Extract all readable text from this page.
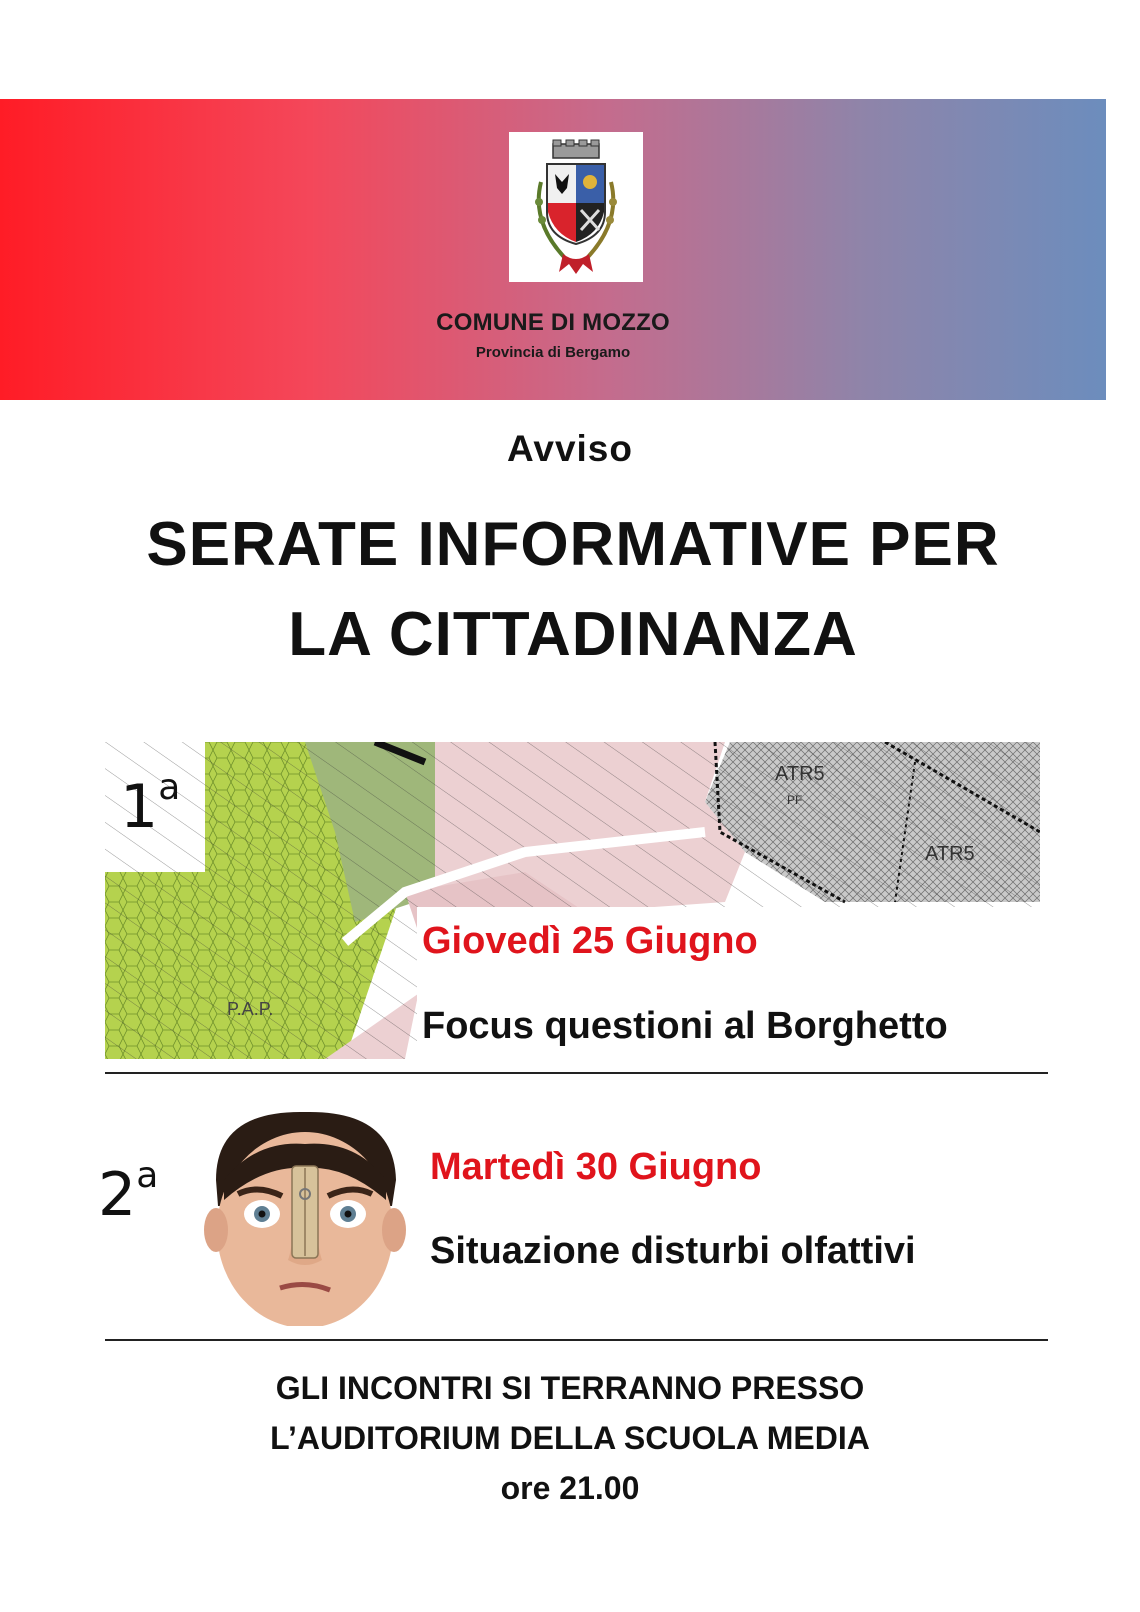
COMUNE DI MOZZO
Provincia di Bergamo
Avviso
SERATE INFORMATIVE PER
LA CITTADINANZA
ATR5
PF
ATR5
P.A.P.
1$^a$
Giovedì 25 Giugno
Focus questioni al Borghetto
2$^a$	Martedì 30 Giugno
Situazione disturbi olfattivi
GLI INCONTRI SI TERRANNO PRESSO
L’AUDITORIUM DELLA SCUOLA MEDIA
ore 21.00
